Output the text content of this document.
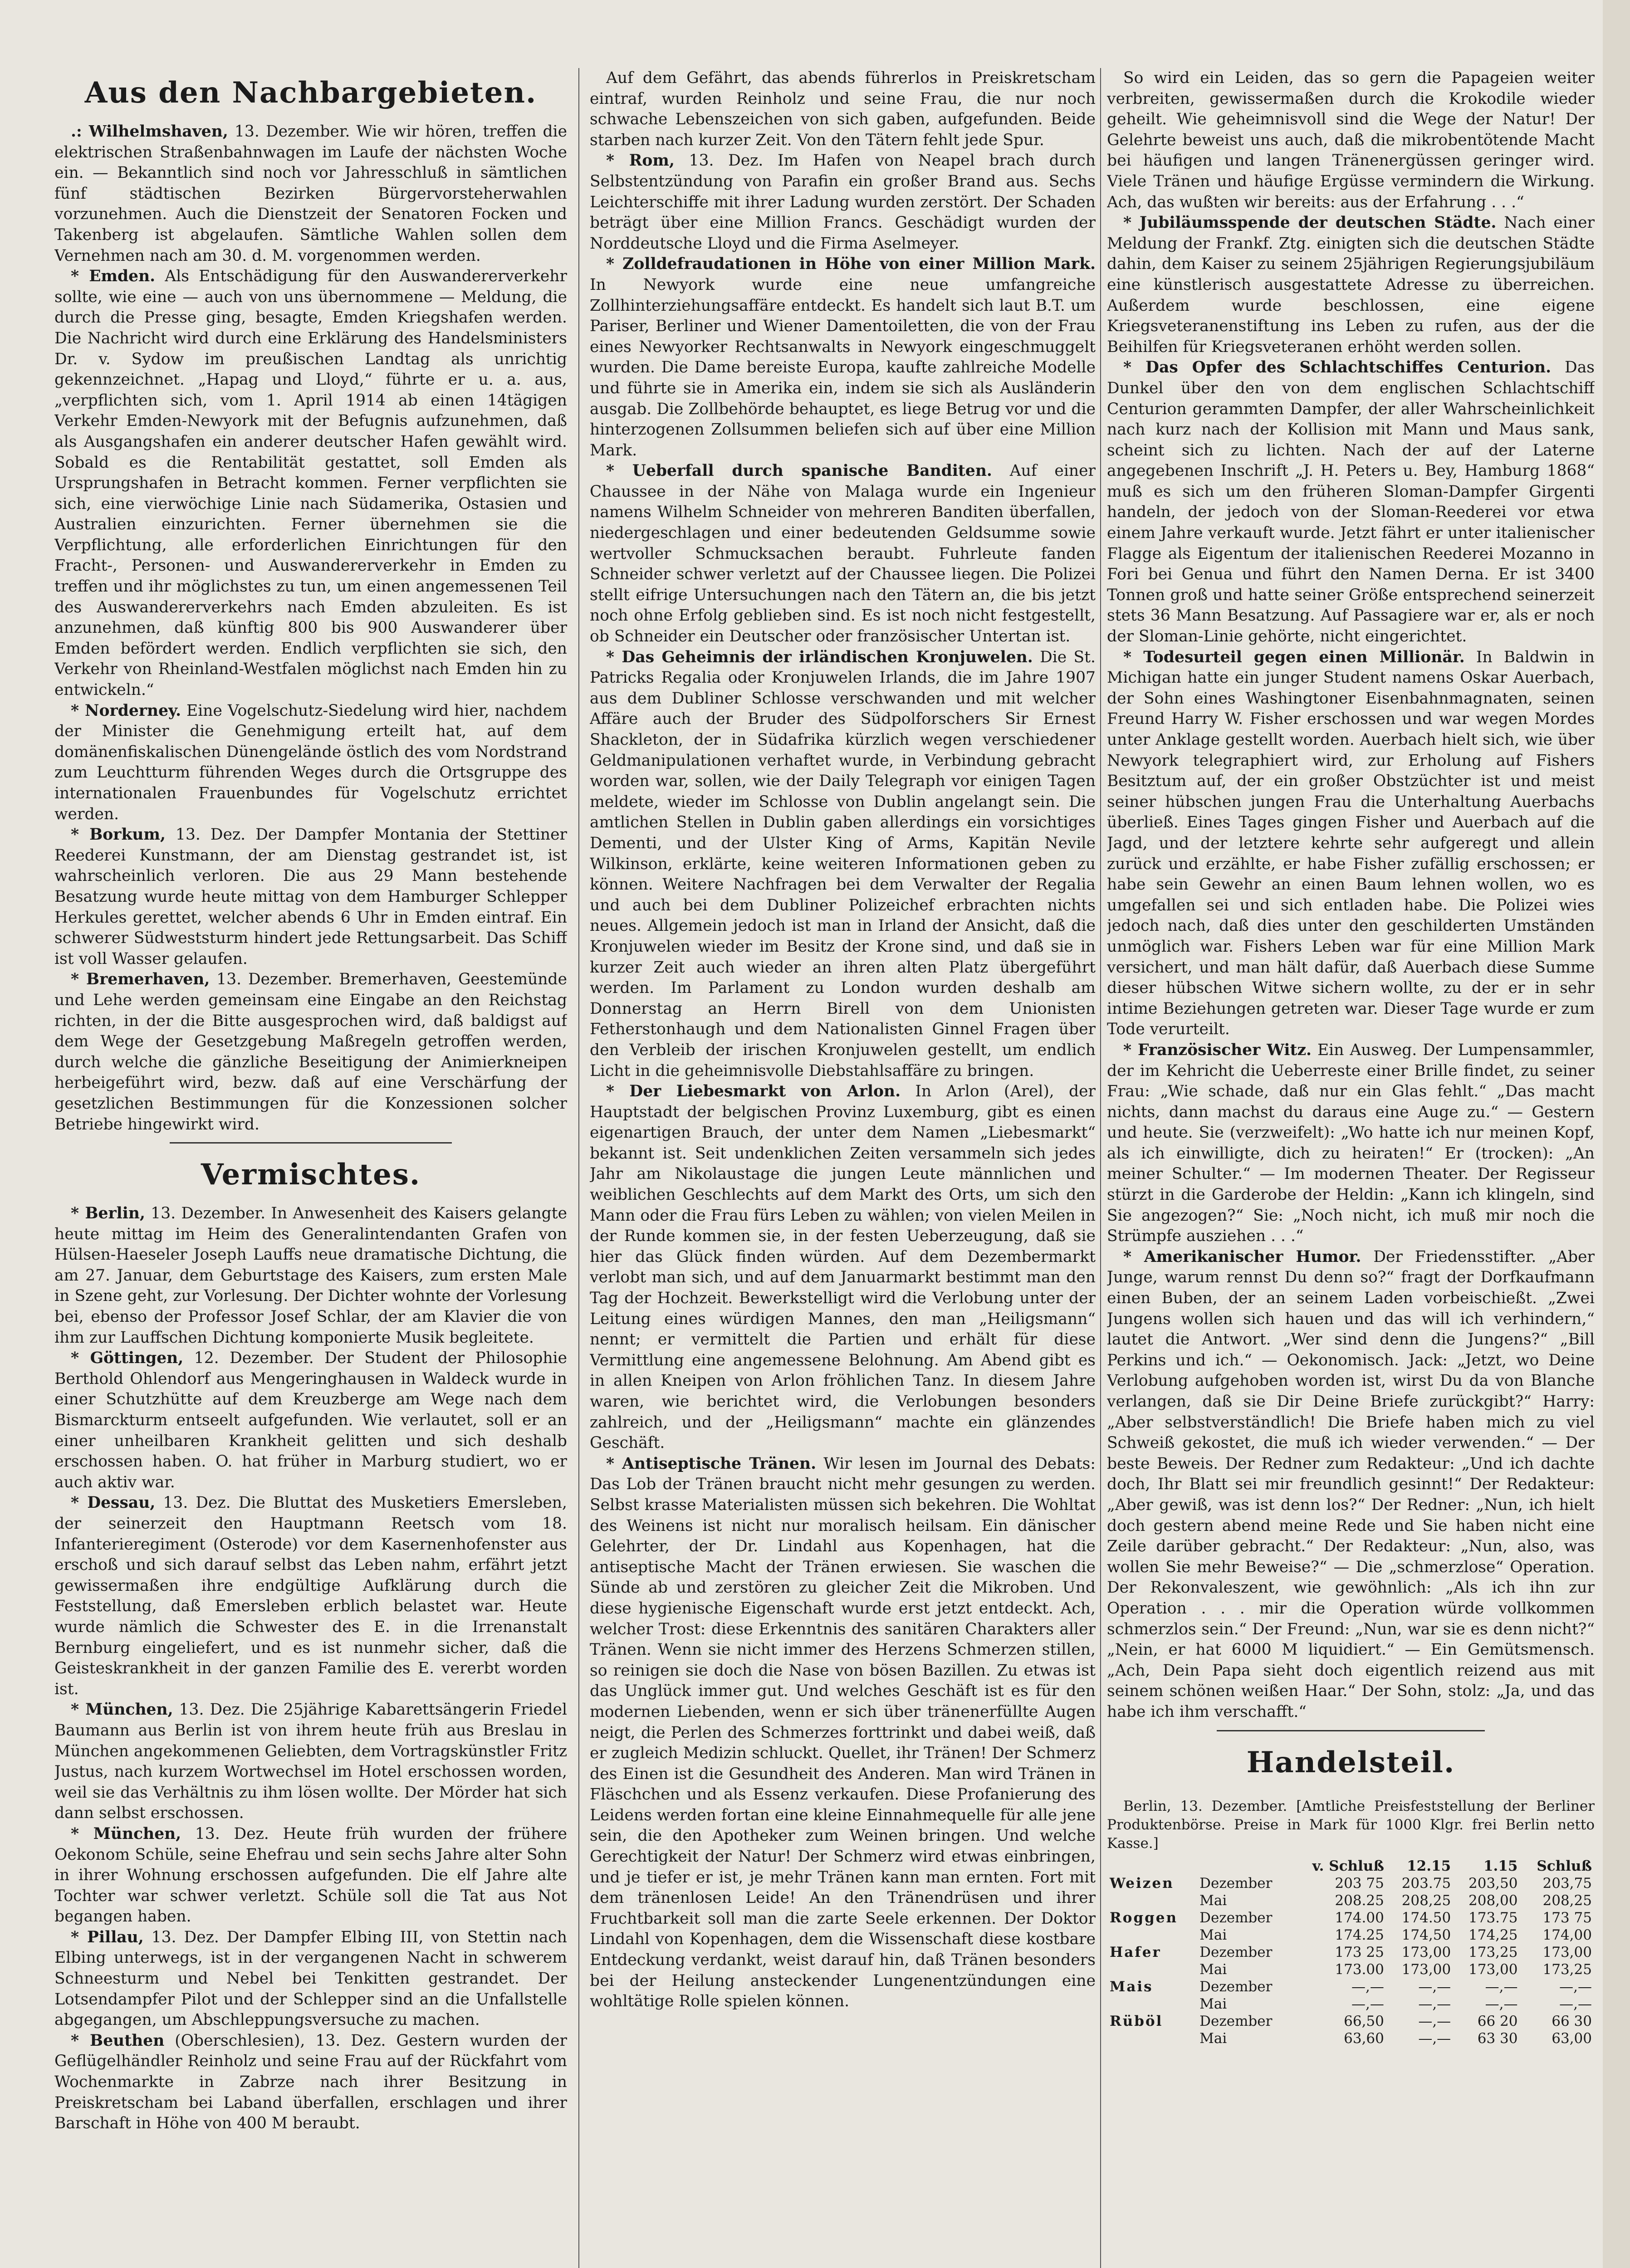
Aus den Nachbargebieten.

.: Wilhelmshaven, 13. Dezember. Wie wir hören, treffen die elektrischen Straßenbahnwagen im Laufe der nächsten Woche ein. — Bekanntlich sind noch vor Jahresschluß in sämtlichen fünf städtischen Bezirken Bürgervorsteherwahlen vorzunehmen. Auch die Dienstzeit der Senatoren Focken und Takenberg ist abgelaufen. Sämtliche Wahlen sollen dem Vernehmen nach am 30. d. M. vorgenommen werden.

* Emden. Als Entschädigung für den Auswandererverkehr sollte, wie eine — auch von uns übernommene — Meldung, die durch die Presse ging, besagte, Emden Kriegshafen werden. Die Nachricht wird durch eine Erklärung des Handelsministers Dr. v. Sydow im preußischen Landtag als unrichtig gekennzeichnet. „Hapag und Lloyd,“ führte er u. a. aus, „verpflichten sich, vom 1. April 1914 ab einen 14tägigen Verkehr Emden-Newyork mit der Befugnis aufzunehmen, daß als Ausgangshafen ein anderer deutscher Hafen gewählt wird. Sobald es die Rentabilität gestattet, soll Emden als Ursprungshafen in Betracht kommen. Ferner verpflichten sie sich, eine vierwöchige Linie nach Südamerika, Ostasien und Australien einzurichten. Ferner übernehmen sie die Verpflichtung, alle erforderlichen Einrichtungen für den Fracht-, Personen- und Auswandererverkehr in Emden zu treffen und ihr möglichstes zu tun, um einen angemessenen Teil des Auswandererverkehrs nach Emden abzuleiten. Es ist anzunehmen, daß künftig 800 bis 900 Auswanderer über Emden befördert werden. Endlich verpflichten sie sich, den Verkehr von Rheinland-Westfalen möglichst nach Emden hin zu entwickeln.“

* Norderney. Eine Vogelschutz-Siedelung wird hier, nachdem der Minister die Genehmigung erteilt hat, auf dem domänenfiskalischen Dünengelände östlich des vom Nordstrand zum Leuchtturm führenden Weges durch die Ortsgruppe des internationalen Frauenbundes für Vogelschutz errichtet werden.

* Borkum, 13. Dez. Der Dampfer Montania der Stettiner Reederei Kunstmann, der am Dienstag gestrandet ist, ist wahrscheinlich verloren. Die aus 29 Mann bestehende Besatzung wurde heute mittag von dem Hamburger Schlepper Herkules gerettet, welcher abends 6 Uhr in Emden eintraf. Ein schwerer Südweststurm hindert jede Rettungsarbeit. Das Schiff ist voll Wasser gelaufen.

* Bremerhaven, 13. Dezember. Bremerhaven, Geestemünde und Lehe werden gemeinsam eine Eingabe an den Reichstag richten, in der die Bitte ausgesprochen wird, daß baldigst auf dem Wege der Gesetzgebung Maßregeln getroffen werden, durch welche die gänzliche Beseitigung der Animierkneipen herbeigeführt wird, bezw. daß auf eine Verschärfung der gesetzlichen Bestimmungen für die Konzessionen solcher Betriebe hingewirkt wird.

Vermischtes.

* Berlin, 13. Dezember. In Anwesenheit des Kaisers gelangte heute mittag im Heim des Generalintendanten Grafen von Hülsen-Haeseler Joseph Lauffs neue dramatische Dichtung, die am 27. Januar, dem Geburtstage des Kaisers, zum ersten Male in Szene geht, zur Vorlesung. Der Dichter wohnte der Vorlesung bei, ebenso der Professor Josef Schlar, der am Klavier die von ihm zur Lauffschen Dichtung komponierte Musik begleitete.

* Göttingen, 12. Dezember. Der Student der Philosophie Berthold Ohlendorf aus Mengeringhausen in Waldeck wurde in einer Schutzhütte auf dem Kreuzberge am Wege nach dem Bismarckturm entseelt aufgefunden. Wie verlautet, soll er an einer unheilbaren Krankheit gelitten und sich deshalb erschossen haben. O. hat früher in Marburg studiert, wo er auch aktiv war.

* Dessau, 13. Dez. Die Bluttat des Musketiers Emersleben, der seinerzeit den Hauptmann Reetsch vom 18. Infanterieregiment (Osterode) vor dem Kasernenhofenster aus erschoß und sich darauf selbst das Leben nahm, erfährt jetzt gewissermaßen ihre endgültige Aufklärung durch die Feststellung, daß Emersleben erblich belastet war. Heute wurde nämlich die Schwester des E. in die Irrenanstalt Bernburg eingeliefert, und es ist nunmehr sicher, daß die Geisteskrankheit in der ganzen Familie des E. vererbt worden ist.

* München, 13. Dez. Die 25jährige Kabarettsängerin Friedel Baumann aus Berlin ist von ihrem heute früh aus Breslau in München angekommenen Geliebten, dem Vortragskünstler Fritz Justus, nach kurzem Wortwechsel im Hotel erschossen worden, weil sie das Verhältnis zu ihm lösen wollte. Der Mörder hat sich dann selbst erschossen.

* München, 13. Dez. Heute früh wurden der frühere Oekonom Schüle, seine Ehefrau und sein sechs Jahre alter Sohn in ihrer Wohnung erschossen aufgefunden. Die elf Jahre alte Tochter war schwer verletzt. Schüle soll die Tat aus Not begangen haben.

* Pillau, 13. Dez. Der Dampfer Elbing III, von Stettin nach Elbing unterwegs, ist in der vergangenen Nacht in schwerem Schneesturm und Nebel bei Tenkitten gestrandet. Der Lotsendampfer Pilot und der Schlepper sind an die Unfallstelle abgegangen, um Abschleppungsversuche zu machen.

* Beuthen (Oberschlesien), 13. Dez. Gestern wurden der Geflügelhändler Reinholz und seine Frau auf der Rückfahrt vom Wochenmarkte in Zabrze nach ihrer Besitzung in Preiskretscham bei Laband überfallen, erschlagen und ihrer Barschaft in Höhe von 400 M beraubt.

Auf dem Gefährt, das abends führerlos in Preiskretscham eintraf, wurden Reinholz und seine Frau, die nur noch schwache Lebenszeichen von sich gaben, aufgefunden. Beide starben nach kurzer Zeit. Von den Tätern fehlt jede Spur.

* Rom, 13. Dez. Im Hafen von Neapel brach durch Selbstentzündung von Parafin ein großer Brand aus. Sechs Leichterschiffe mit ihrer Ladung wurden zerstört. Der Schaden beträgt über eine Million Francs. Geschädigt wurden der Norddeutsche Lloyd und die Firma Aselmeyer.

* Zolldefraudationen in Höhe von einer Million Mark. In Newyork wurde eine neue umfangreiche Zollhinterziehungsaffäre entdeckt. Es handelt sich laut B.T. um Pariser, Berliner und Wiener Damentoiletten, die von der Frau eines Newyorker Rechtsanwalts in Newyork eingeschmuggelt wurden. Die Dame bereiste Europa, kaufte zahlreiche Modelle und führte sie in Amerika ein, indem sie sich als Ausländerin ausgab. Die Zollbehörde behauptet, es liege Betrug vor und die hinterzogenen Zollsummen beliefen sich auf über eine Million Mark.

* Ueberfall durch spanische Banditen. Auf einer Chaussee in der Nähe von Malaga wurde ein Ingenieur namens Wilhelm Schneider von mehreren Banditen überfallen, niedergeschlagen und einer bedeutenden Geldsumme sowie wertvoller Schmucksachen beraubt. Fuhrleute fanden Schneider schwer verletzt auf der Chaussee liegen. Die Polizei stellt eifrige Untersuchungen nach den Tätern an, die bis jetzt noch ohne Erfolg geblieben sind. Es ist noch nicht festgestellt, ob Schneider ein Deutscher oder französischer Untertan ist.

* Das Geheimnis der irländischen Kronjuwelen. Die St. Patricks Regalia oder Kronjuwelen Irlands, die im Jahre 1907 aus dem Dubliner Schlosse verschwanden und mit welcher Affäre auch der Bruder des Südpolforschers Sir Ernest Shackleton, der in Südafrika kürzlich wegen verschiedener Geldmanipulationen verhaftet wurde, in Verbindung gebracht worden war, sollen, wie der Daily Telegraph vor einigen Tagen meldete, wieder im Schlosse von Dublin angelangt sein. Die amtlichen Stellen in Dublin gaben allerdings ein vorsichtiges Dementi, und der Ulster King of Arms, Kapitän Nevile Wilkinson, erklärte, keine weiteren Informationen geben zu können. Weitere Nachfragen bei dem Verwalter der Regalia und auch bei dem Dubliner Polizeichef erbrachten nichts neues. Allgemein jedoch ist man in Irland der Ansicht, daß die Kronjuwelen wieder im Besitz der Krone sind, und daß sie in kurzer Zeit auch wieder an ihren alten Platz übergeführt werden. Im Parlament zu London wurden deshalb am Donnerstag an Herrn Birell von dem Unionisten Fetherstonhaugh und dem Nationalisten Ginnel Fragen über den Verbleib der irischen Kronjuwelen gestellt, um endlich Licht in die geheimnisvolle Diebstahlsaffäre zu bringen.

* Der Liebesmarkt von Arlon. In Arlon (Arel), der Hauptstadt der belgischen Provinz Luxemburg, gibt es einen eigenartigen Brauch, der unter dem Namen „Liebesmarkt“ bekannt ist. Seit undenklichen Zeiten versammeln sich jedes Jahr am Nikolaustage die jungen Leute männlichen und weiblichen Geschlechts auf dem Markt des Orts, um sich den Mann oder die Frau fürs Leben zu wählen; von vielen Meilen in der Runde kommen sie, in der festen Ueberzeugung, daß sie hier das Glück finden würden. Auf dem Dezembermarkt verlobt man sich, und auf dem Januarmarkt bestimmt man den Tag der Hochzeit. Bewerkstelligt wird die Verlobung unter der Leitung eines würdigen Mannes, den man „Heiligsmann“ nennt; er vermittelt die Partien und erhält für diese Vermittlung eine angemessene Belohnung. Am Abend gibt es in allen Kneipen von Arlon fröhlichen Tanz. In diesem Jahre waren, wie berichtet wird, die Verlobungen besonders zahlreich, und der „Heiligsmann“ machte ein glänzendes Geschäft.

* Antiseptische Tränen. Wir lesen im Journal des Debats: Das Lob der Tränen braucht nicht mehr gesungen zu werden. Selbst krasse Materialisten müssen sich bekehren. Die Wohltat des Weinens ist nicht nur moralisch heilsam. Ein dänischer Gelehrter, der Dr. Lindahl aus Kopenhagen, hat die antiseptische Macht der Tränen erwiesen. Sie waschen die Sünde ab und zerstören zu gleicher Zeit die Mikroben. Und diese hygienische Eigenschaft wurde erst jetzt entdeckt. Ach, welcher Trost: diese Erkenntnis des sanitären Charakters aller Tränen. Wenn sie nicht immer des Herzens Schmerzen stillen, so reinigen sie doch die Nase von bösen Bazillen. Zu etwas ist das Unglück immer gut. Und welches Geschäft ist es für den modernen Liebenden, wenn er sich über tränenerfüllte Augen neigt, die Perlen des Schmerzes forttrinkt und dabei weiß, daß er zugleich Medizin schluckt. Quellet, ihr Tränen! Der Schmerz des Einen ist die Gesundheit des Anderen. Man wird Tränen in Fläschchen und als Essenz verkaufen. Diese Profanierung des Leidens werden fortan eine kleine Einnahmequelle für alle jene sein, die den Apotheker zum Weinen bringen. Und welche Gerechtigkeit der Natur! Der Schmerz wird etwas einbringen, und je tiefer er ist, je mehr Tränen kann man ernten. Fort mit dem tränenlosen Leide! An den Tränendrüsen und ihrer Fruchtbarkeit soll man die zarte Seele erkennen. Der Doktor Lindahl von Kopenhagen, dem die Wissenschaft diese kostbare Entdeckung verdankt, weist darauf hin, daß Tränen besonders bei der Heilung ansteckender Lungenentzündungen eine wohltätige Rolle spielen können.

So wird ein Leiden, das so gern die Papageien weiter verbreiten, gewissermaßen durch die Krokodile wieder geheilt. Wie geheimnisvoll sind die Wege der Natur! Der Gelehrte beweist uns auch, daß die mikrobentötende Macht bei häufigen und langen Tränenergüssen geringer wird. Viele Tränen und häufige Ergüsse vermindern die Wirkung. Ach, das wußten wir bereits: aus der Erfahrung . . .“

* Jubiläumsspende der deutschen Städte. Nach einer Meldung der Frankf. Ztg. einigten sich die deutschen Städte dahin, dem Kaiser zu seinem 25jährigen Regierungsjubiläum eine künstlerisch ausgestattete Adresse zu überreichen. Außerdem wurde beschlossen, eine eigene Kriegsveteranenstiftung ins Leben zu rufen, aus der die Beihilfen für Kriegsveteranen erhöht werden sollen.

* Das Opfer des Schlachtschiffes Centurion. Das Dunkel über den von dem englischen Schlachtschiff Centurion gerammten Dampfer, der aller Wahrscheinlichkeit nach kurz nach der Kollision mit Mann und Maus sank, scheint sich zu lichten. Nach der auf der Laterne angegebenen Inschrift „J. H. Peters u. Bey, Hamburg 1868“ muß es sich um den früheren Sloman-Dampfer Girgenti handeln, der jedoch von der Sloman-Reederei vor etwa einem Jahre verkauft wurde. Jetzt fährt er unter italienischer Flagge als Eigentum der italienischen Reederei Mozanno in Fori bei Genua und führt den Namen Derna. Er ist 3400 Tonnen groß und hatte seiner Größe entsprechend seinerzeit stets 36 Mann Besatzung. Auf Passagiere war er, als er noch der Sloman-Linie gehörte, nicht eingerichtet.

* Todesurteil gegen einen Millionär. In Baldwin in Michigan hatte ein junger Student namens Oskar Auerbach, der Sohn eines Washingtoner Eisenbahnmagnaten, seinen Freund Harry W. Fisher erschossen und war wegen Mordes unter Anklage gestellt worden. Auerbach hielt sich, wie über Newyork telegraphiert wird, zur Erholung auf Fishers Besitztum auf, der ein großer Obstzüchter ist und meist seiner hübschen jungen Frau die Unterhaltung Auerbachs überließ. Eines Tages gingen Fisher und Auerbach auf die Jagd, und der letztere kehrte sehr aufgeregt und allein zurück und erzählte, er habe Fisher zufällig erschossen; er habe sein Gewehr an einen Baum lehnen wollen, wo es umgefallen sei und sich entladen habe. Die Polizei wies jedoch nach, daß dies unter den geschilderten Umständen unmöglich war. Fishers Leben war für eine Million Mark versichert, und man hält dafür, daß Auerbach diese Summe dieser hübschen Witwe sichern wollte, zu der er in sehr intime Beziehungen getreten war. Dieser Tage wurde er zum Tode verurteilt.

* Französischer Witz. Ein Ausweg. Der Lumpensammler, der im Kehricht die Ueberreste einer Brille findet, zu seiner Frau: „Wie schade, daß nur ein Glas fehlt.“ „Das macht nichts, dann machst du daraus eine Auge zu.“ — Gestern und heute. Sie (verzweifelt): „Wo hatte ich nur meinen Kopf, als ich einwilligte, dich zu heiraten!“ Er (trocken): „An meiner Schulter.“ — Im modernen Theater. Der Regisseur stürzt in die Garderobe der Heldin: „Kann ich klingeln, sind Sie angezogen?“ Sie: „Noch nicht, ich muß mir noch die Strümpfe ausziehen . . .“

* Amerikanischer Humor. Der Friedensstifter. „Aber Junge, warum rennst Du denn so?“ fragt der Dorfkaufmann einen Buben, der an seinem Laden vorbeischießt. „Zwei Jungens wollen sich hauen und das will ich verhindern,“ lautet die Antwort. „Wer sind denn die Jungens?“ „Bill Perkins und ich.“ — Oekonomisch. Jack: „Jetzt, wo Deine Verlobung aufgehoben worden ist, wirst Du da von Blanche verlangen, daß sie Dir Deine Briefe zurückgibt?“ Harry: „Aber selbstverständlich! Die Briefe haben mich zu viel Schweiß gekostet, die muß ich wieder verwenden.“ — Der beste Beweis. Der Redner zum Redakteur: „Und ich dachte doch, Ihr Blatt sei mir freundlich gesinnt!“ Der Redakteur: „Aber gewiß, was ist denn los?“ Der Redner: „Nun, ich hielt doch gestern abend meine Rede und Sie haben nicht eine Zeile darüber gebracht.“ Der Redakteur: „Nun, also, was wollen Sie mehr Beweise?“ — Die „schmerzlose“ Operation. Der Rekonvaleszent, wie gewöhnlich: „Als ich ihn zur Operation . . . mir die Operation würde vollkommen schmerzlos sein.“ Der Freund: „Nun, war sie es denn nicht?“ „Nein, er hat 6000 M liquidiert.“ — Ein Gemütsmensch. „Ach, Dein Papa sieht doch eigentlich reizend aus mit seinem schönen weißen Haar.“ Der Sohn, stolz: „Ja, und das habe ich ihm verschafft.“

Handelsteil.

Berlin, 13. Dezember. [Amtliche Preisfeststellung der Berliner Produktenbörse. Preise in Mark für 1000 Klgr. frei Berlin netto Kasse.]

		v. Schluß	12.15	1.15	Schluß
Weizen	Dezember	203 75	203.75	203,50	203,75
	Mai	208.25	208,25	208,00	208,25
Roggen	Dezember	174.00	174.50	173.75	173 75
	Mai	174.25	174,50	174,25	174,00
Hafer	Dezember	173 25	173,00	173,25	173,00
	Mai	173.00	173,00	173,00	173,25
Mais	Dezember	—,—	—,—	—,—	—,—
	Mai	—,—	—,—	—,—	—,—
Rüböl	Dezember	66,50	—,—	66 20	66 30
	Mai	63,60	—,—	63 30	63,00
